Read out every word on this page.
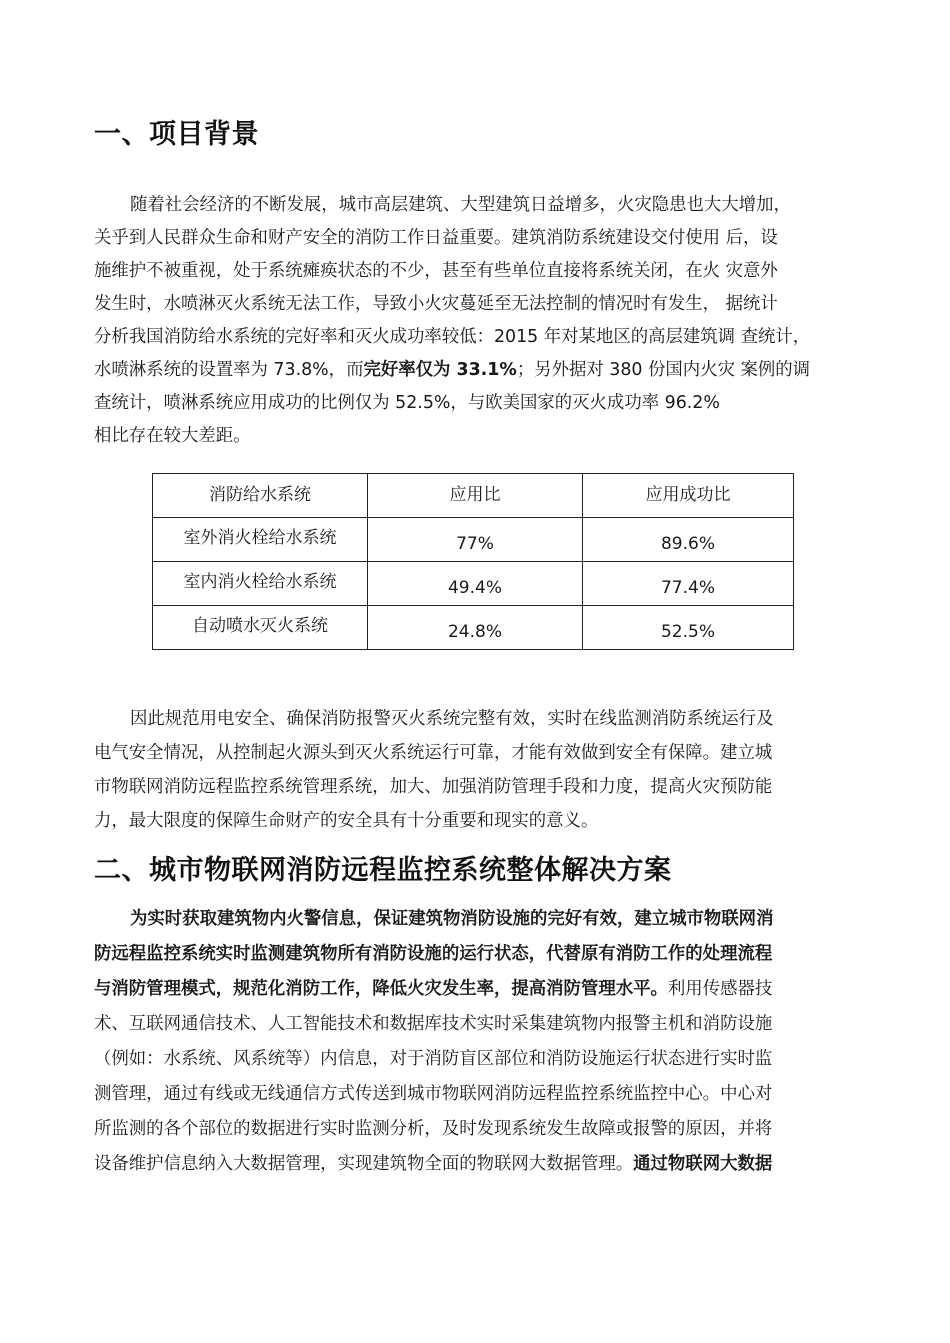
一、项目背景
随着社会经济的不断发展，城市高层建筑、大型建筑日益增多，火灾隐患也大大增加，
关乎到人民群众生命和财产安全的消防工作日益重要。建筑消防系统建设交付使用 后，设
施维护不被重视，处于系统瘫痪状态的不少，甚至有些单位直接将系统关闭，在火 灾意外
发生时，水喷淋灭火系统无法工作，导致小火灾蔓延至无法控制的情况时有发生， 据统计
分析我国消防给水系统的完好率和灭火成功率较低：2015 年对某地区的高层建筑调 查统计，
水喷淋系统的设置率为 73.8%，而完好率仅为 33.1%；另外据对 380 份国内火灾 案例的调
查统计，喷淋系统应用成功的比例仅为 52.5%，与欧美国家的灭火成功率 96.2%
相比存在较大差距。
消防给水系统	应用比	应用成功比
室外消火栓给水系统	77%	89.6%
室内消火栓给水系统	49.4%	77.4%
自动喷水灭火系统	24.8%	52.5%
因此规范用电安全、确保消防报警灭火系统完整有效，实时在线监测消防系统运行及
电气安全情况，从控制起火源头到灭火系统运行可靠，才能有效做到安全有保障。建立城
市物联网消防远程监控系统管理系统，加大、加强消防管理手段和力度，提高火灾预防能
力，最大限度的保障生命财产的安全具有十分重要和现实的意义。
二、城市物联网消防远程监控系统整体解决方案
为实时获取建筑物内火警信息，保证建筑物消防设施的完好有效，建立城市物联网消
防远程监控系统实时监测建筑物所有消防设施的运行状态，代替原有消防工作的处理流程
与消防管理模式，规范化消防工作，降低火灾发生率，提高消防管理水平。利用传感器技
术、互联网通信技术、人工智能技术和数据库技术实时采集建筑物内报警主机和消防设施
（例如：水系统、风系统等）内信息，对于消防盲区部位和消防设施运行状态进行实时监
测管理，通过有线或无线通信方式传送到城市物联网消防远程监控系统监控中心。中心对
所监测的各个部位的数据进行实时监测分析，及时发现系统发生故障或报警的原因，并将
设备维护信息纳入大数据管理，实现建筑物全面的物联网大数据管理。通过物联网大数据
